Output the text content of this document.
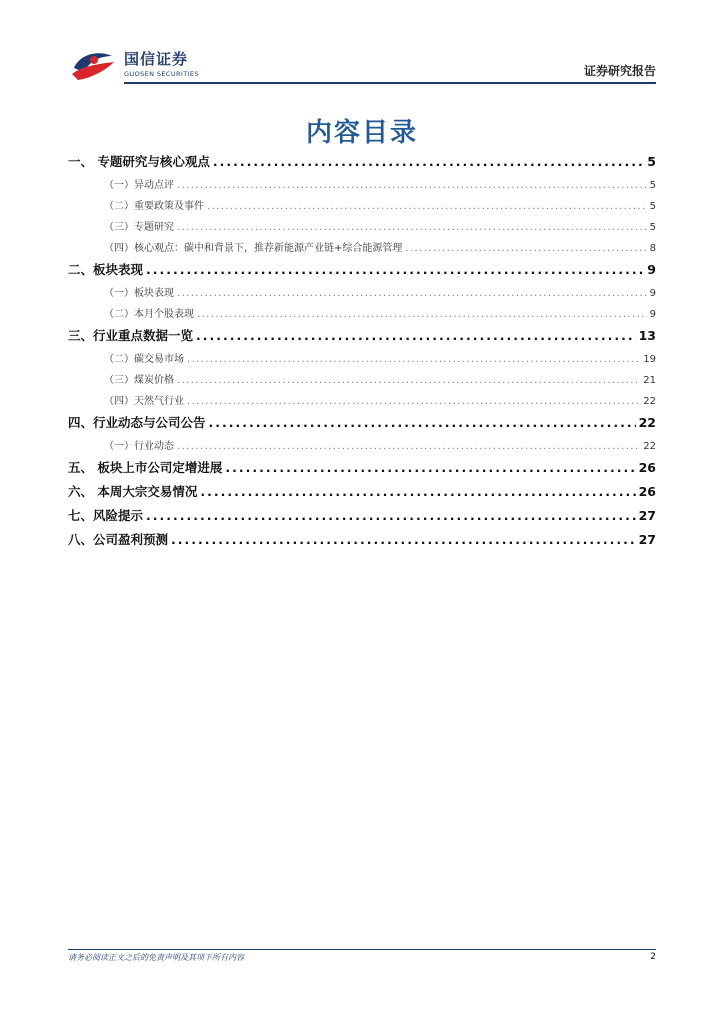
国信证券
GUOSEN SECURITIES	证券研究报告
内容目录
一、 专题研究与核心观点 .....	5
（一）异动点评 .....	5
（二）重要政策及事件 .....	5
（三）专题研究 .....	5
（四）核心观点：碳中和背景下，推荐新能源产业链+综合能源管理 .....	8
二、板块表现 .....	9
（一）板块表现 .....	9
（二）本月个股表现 .....	9
三、行业重点数据一览 .....	13
（二）碳交易市场 .....	19
（三）煤炭价格 .....	21
（四）天然气行业 .....	22
四、行业动态与公司公告 .....	22
（一）行业动态 .....	22
五、 板块上市公司定增进展 .....	26
六、 本周大宗交易情况 .....	26
七、风险提示 .....	27
八、公司盈利预测 .....	27
请务必阅读正文之后的免责声明及其项下所有内容	2
